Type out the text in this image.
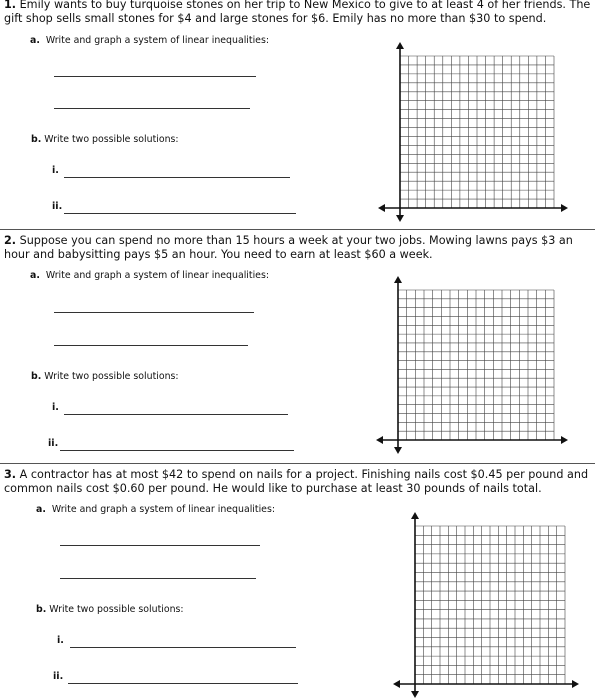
1. Emily wants to buy turquoise stones on her trip to New Mexico to give to at least 4 of her friends. The gift shop sells small stones for $4 and large stones for $6. Emily has no more than $30 to spend.
a. Write and graph a system of linear inequalities:
b. Write two possible solutions:
i.
ii.
2. Suppose you can spend no more than 15 hours a week at your two jobs. Mowing lawns pays $3 an hour and babysitting pays $5 an hour. You need to earn at least $60 a week.
a. Write and graph a system of linear inequalities:
b. Write two possible solutions:
i.
ii.
3. A contractor has at most $42 to spend on nails for a project. Finishing nails cost $0.45 per pound and common nails cost $0.60 per pound. He would like to purchase at least 30 pounds of nails total.
a. Write and graph a system of linear inequalities:
b. Write two possible solutions:
i.
ii.
